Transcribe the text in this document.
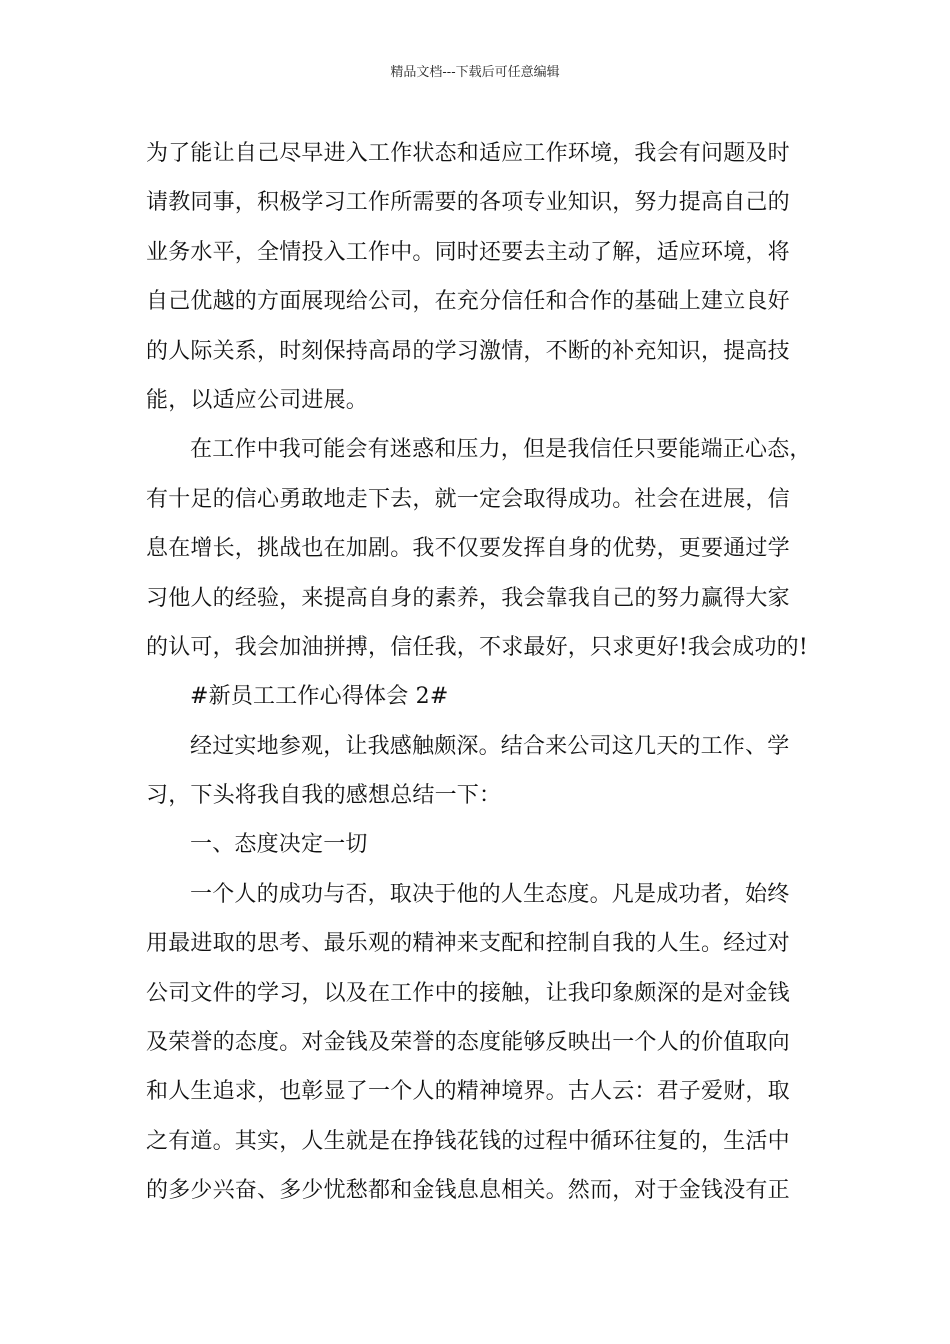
精品文档---下载后可任意编辑
为了能让自己尽早进入工作状态和适应工作环境，我会有问题及时
请教同事，积极学习工作所需要的各项专业知识，努力提高自己的
业务水平，全情投入工作中。同时还要去主动了解，适应环境，将
自己优越的方面展现给公司，在充分信任和合作的基础上建立良好
的人际关系，时刻保持高昂的学习激情，不断的补充知识，提高技
能，以适应公司进展。
在工作中我可能会有迷惑和压力，但是我信任只要能端正心态，
有十足的信心勇敢地走下去，就一定会取得成功。社会在进展，信
息在增长，挑战也在加剧。我不仅要发挥自身的优势，更要通过学
习他人的经验，来提高自身的素养，我会靠我自己的努力赢得大家
的认可，我会加油拼搏，信任我，不求最好，只求更好!我会成功的!
#新员工工作心得体会 2#
经过实地参观，让我感触颇深。结合来公司这几天的工作、学
习，下头将我自我的感想总结一下：
一、态度决定一切
一个人的成功与否，取决于他的人生态度。凡是成功者，始终
用最进取的思考、最乐观的精神来支配和控制自我的人生。经过对
公司文件的学习，以及在工作中的接触，让我印象颇深的是对金钱
及荣誉的态度。对金钱及荣誉的态度能够反映出一个人的价值取向
和人生追求，也彰显了一个人的精神境界。古人云：君子爱财，取
之有道。其实，人生就是在挣钱花钱的过程中循环往复的，生活中
的多少兴奋、多少忧愁都和金钱息息相关。然而，对于金钱没有正
